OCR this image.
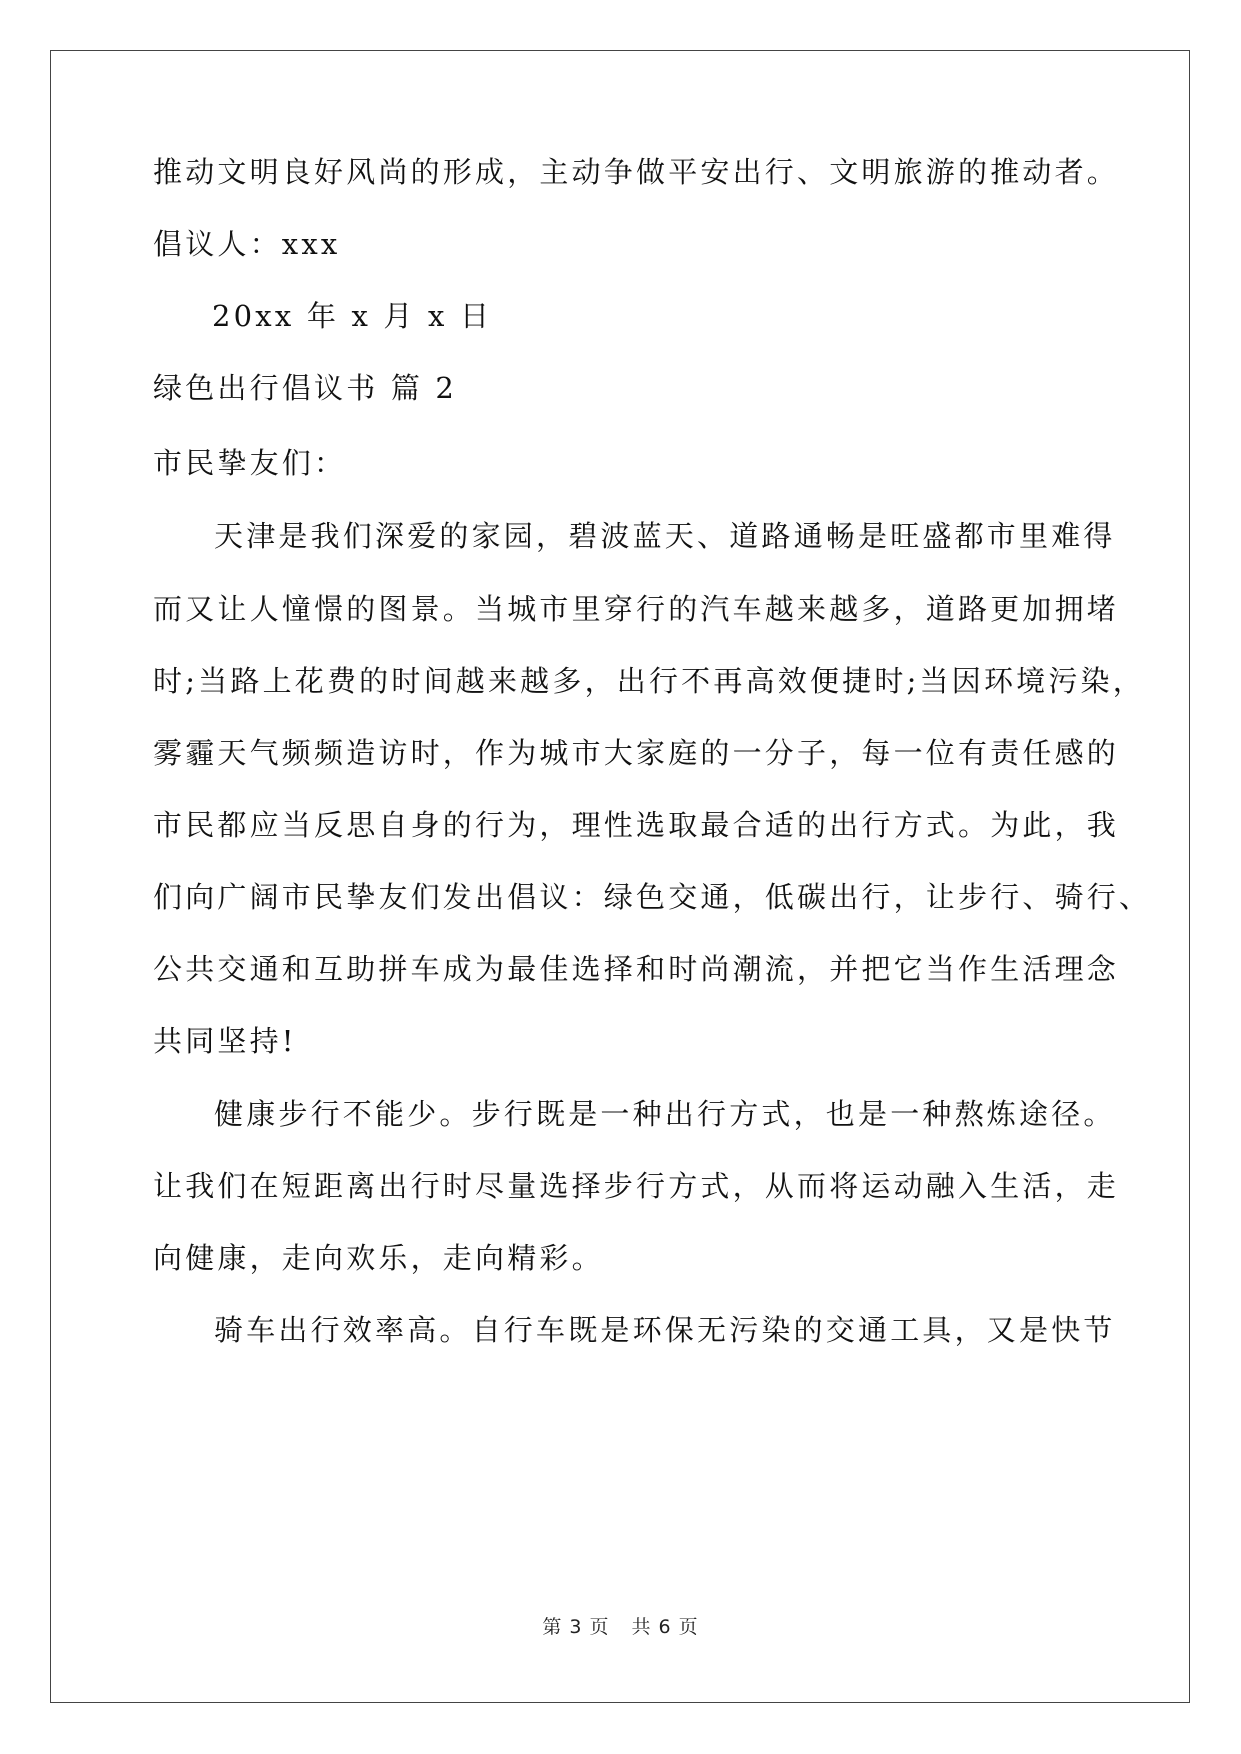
推动文明良好风尚的形成，主动争做平安出行、文明旅游的推动者。
倡议人：xxx
20xx 年 x 月 x 日
绿色出行倡议书 篇 2
市民挚友们：
天津是我们深爱的家园，碧波蓝天、道路通畅是旺盛都市里难得
而又让人憧憬的图景。当城市里穿行的汽车越来越多，道路更加拥堵
时;当路上花费的时间越来越多，出行不再高效便捷时;当因环境污染，
雾霾天气频频造访时，作为城市大家庭的一分子，每一位有责任感的
市民都应当反思自身的行为，理性选取最合适的出行方式。为此，我
们向广阔市民挚友们发出倡议：绿色交通，低碳出行，让步行、骑行、
公共交通和互助拼车成为最佳选择和时尚潮流，并把它当作生活理念
共同坚持!
健康步行不能少。步行既是一种出行方式，也是一种熬炼途径。
让我们在短距离出行时尽量选择步行方式，从而将运动融入生活，走
向健康，走向欢乐，走向精彩。
骑车出行效率高。自行车既是环保无污染的交通工具，又是快节
第 3 页 共 6 页
